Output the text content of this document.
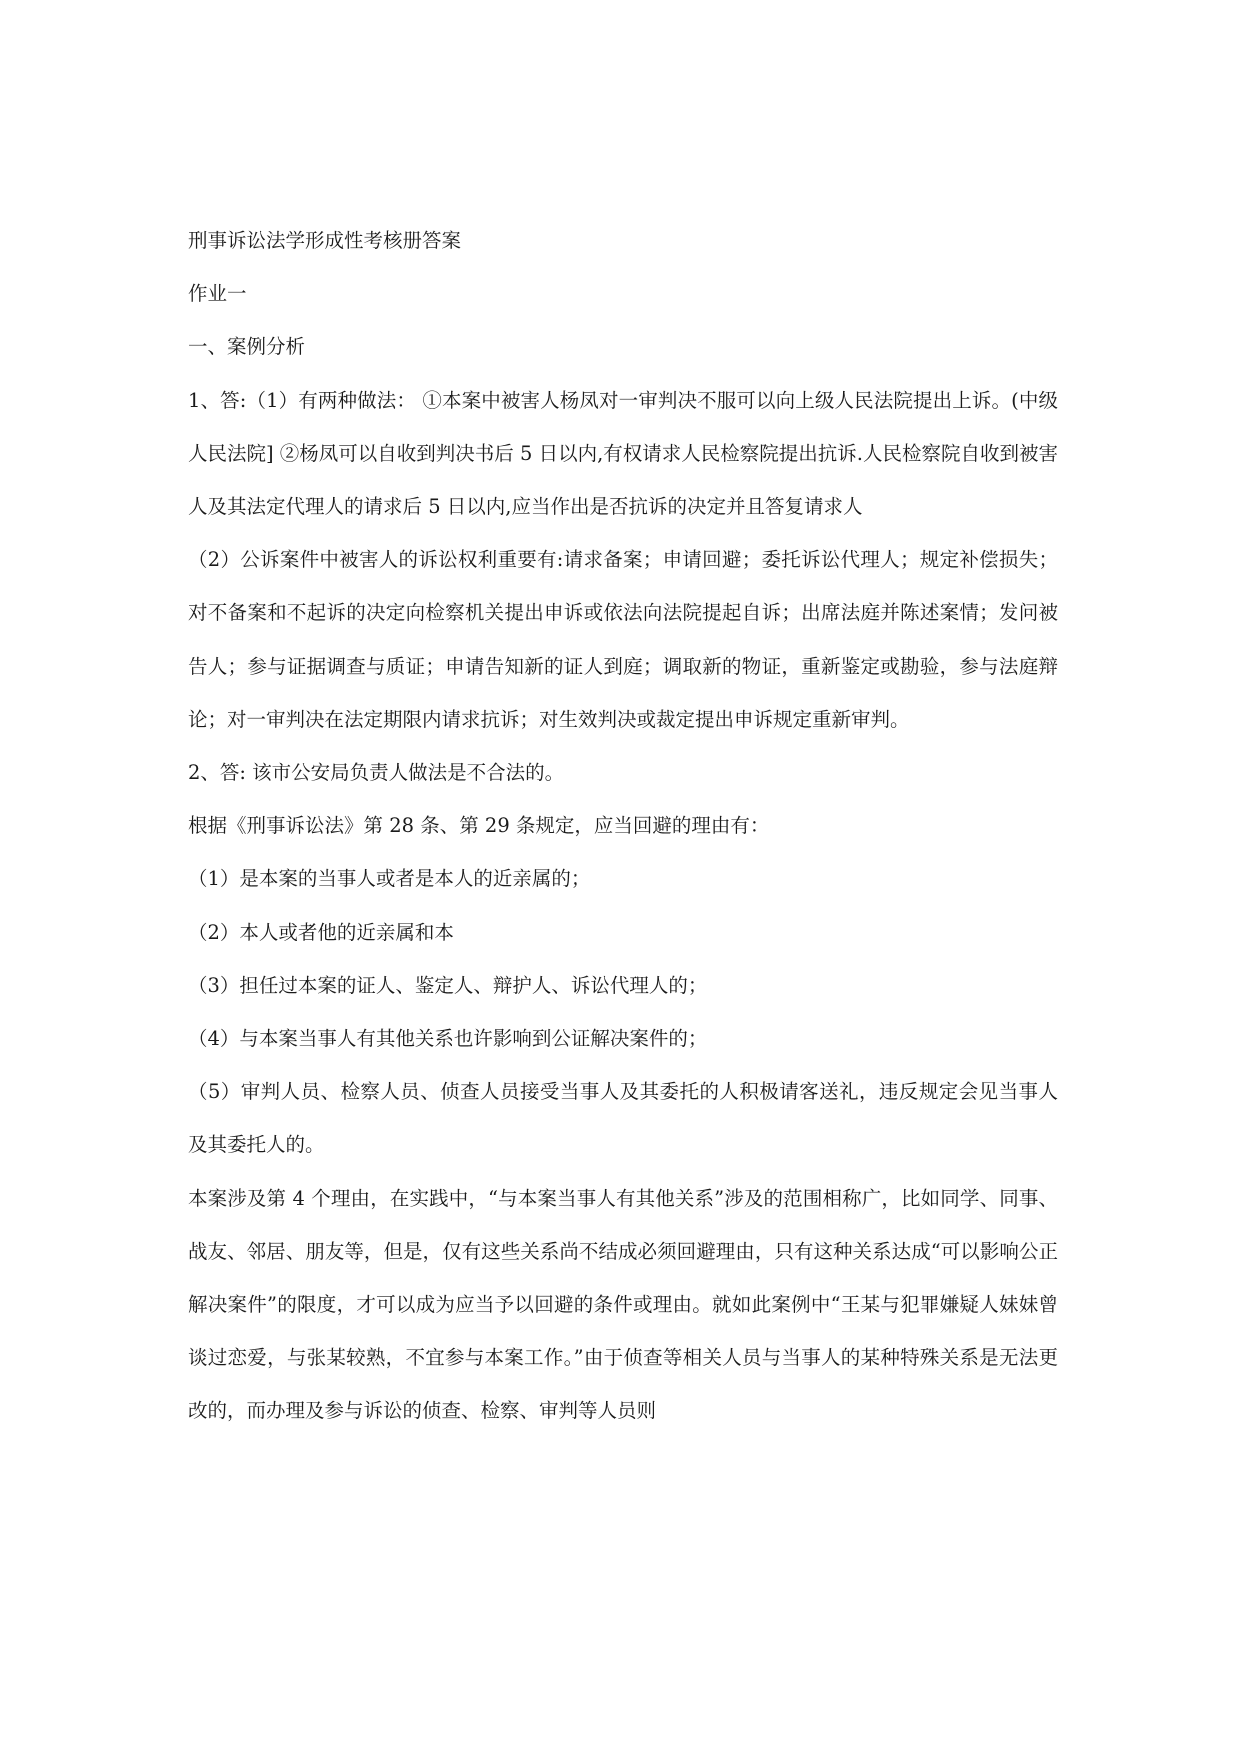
刑事诉讼法学形成性考核册答案

作业一

一、案例分析

1、答:（1）有两种做法： ①本案中被害人杨凤对一审判决不服可以向上级人民法院提出上诉。(中级人民法院] ②杨凤可以自收到判决书后 5 日以内,有权请求人民检察院提出抗诉.人民检察院自收到被害人及其法定代理人的请求后 5 日以内,应当作出是否抗诉的决定并且答复请求人

（2）公诉案件中被害人的诉讼权利重要有:请求备案；申请回避；委托诉讼代理人；规定补偿损失；对不备案和不起诉的决定向检察机关提出申诉或依法向法院提起自诉；出席法庭并陈述案情；发问被告人；参与证据调查与质证；申请告知新的证人到庭；调取新的物证，重新鉴定或勘验，参与法庭辩论；对一审判决在法定期限内请求抗诉；对生效判决或裁定提出申诉规定重新审判。

2、答: 该市公安局负责人做法是不合法的。

根据《刑事诉讼法》第 28 条、第 29 条规定，应当回避的理由有：

（1）是本案的当事人或者是本人的近亲属的；

（2）本人或者他的近亲属和本

（3）担任过本案的证人、鉴定人、辩护人、诉讼代理人的；

（4）与本案当事人有其他关系也许影响到公证解决案件的；

（5）审判人员、检察人员、侦查人员接受当事人及其委托的人积极请客送礼，违反规定会见当事人及其委托人的。

本案涉及第 4 个理由，在实践中，“与本案当事人有其他关系”涉及的范围相称广，比如同学、同事、战友、邻居、朋友等，但是，仅有这些关系尚不结成必须回避理由，只有这种关系达成“可以影响公正解决案件”的限度，才可以成为应当予以回避的条件或理由。就如此案例中“王某与犯罪嫌疑人妹妹曾谈过恋爱，与张某较熟，不宜参与本案工作。”由于侦查等相关人员与当事人的某种特殊关系是无法更改的，而办理及参与诉讼的侦查、检察、审判等人员则
